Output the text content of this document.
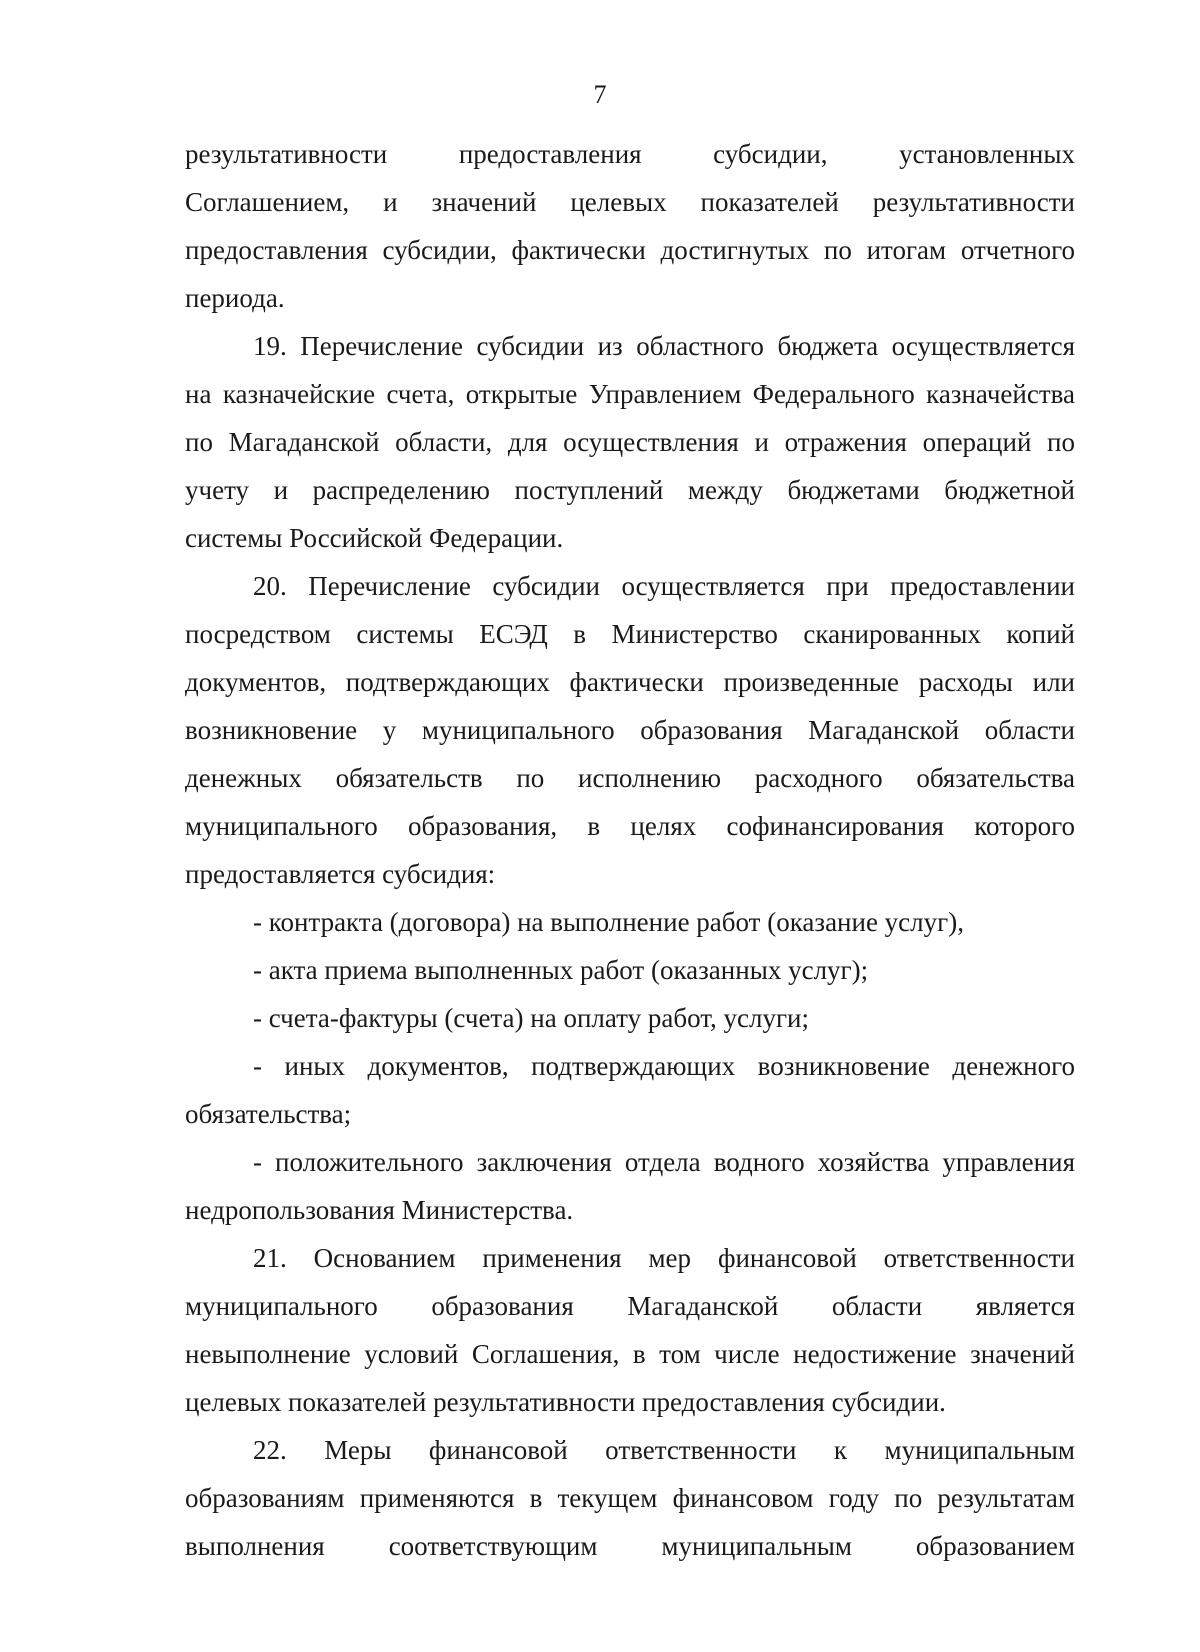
7
результативности предоставления субсидии, установленных
Соглашением, и значений целевых показателей результативности
предоставления субсидии, фактически достигнутых по итогам отчетного
периода.
19. Перечисление субсидии из областного бюджета осуществляется
на казначейские счета, открытые Управлением Федерального казначейства
по Магаданской области, для осуществления и отражения операций по
учету и распределению поступлений между бюджетами бюджетной
системы Российской Федерации.
20. Перечисление субсидии осуществляется при предоставлении
посредством системы ЕСЭД в Министерство сканированных копий
документов, подтверждающих фактически произведенные расходы или
возникновение у муниципального образования Магаданской области
денежных обязательств по исполнению расходного обязательства
муниципального образования, в целях софинансирования которого
предоставляется субсидия:
- контракта (договора) на выполнение работ (оказание услуг),
- акта приема выполненных работ (оказанных услуг);
- счета-фактуры (счета) на оплату работ, услуги;
- иных документов, подтверждающих возникновение денежного
обязательства;
- положительного заключения отдела водного хозяйства управления
недропользования Министерства.
21. Основанием применения мер финансовой ответственности
муниципального образования Магаданской области является
невыполнение условий Соглашения, в том числе недостижение значений
целевых показателей результативности предоставления субсидии.
22. Меры финансовой ответственности к муниципальным
образованиям применяются в текущем финансовом году по результатам
выполнения соответствующим муниципальным образованием
